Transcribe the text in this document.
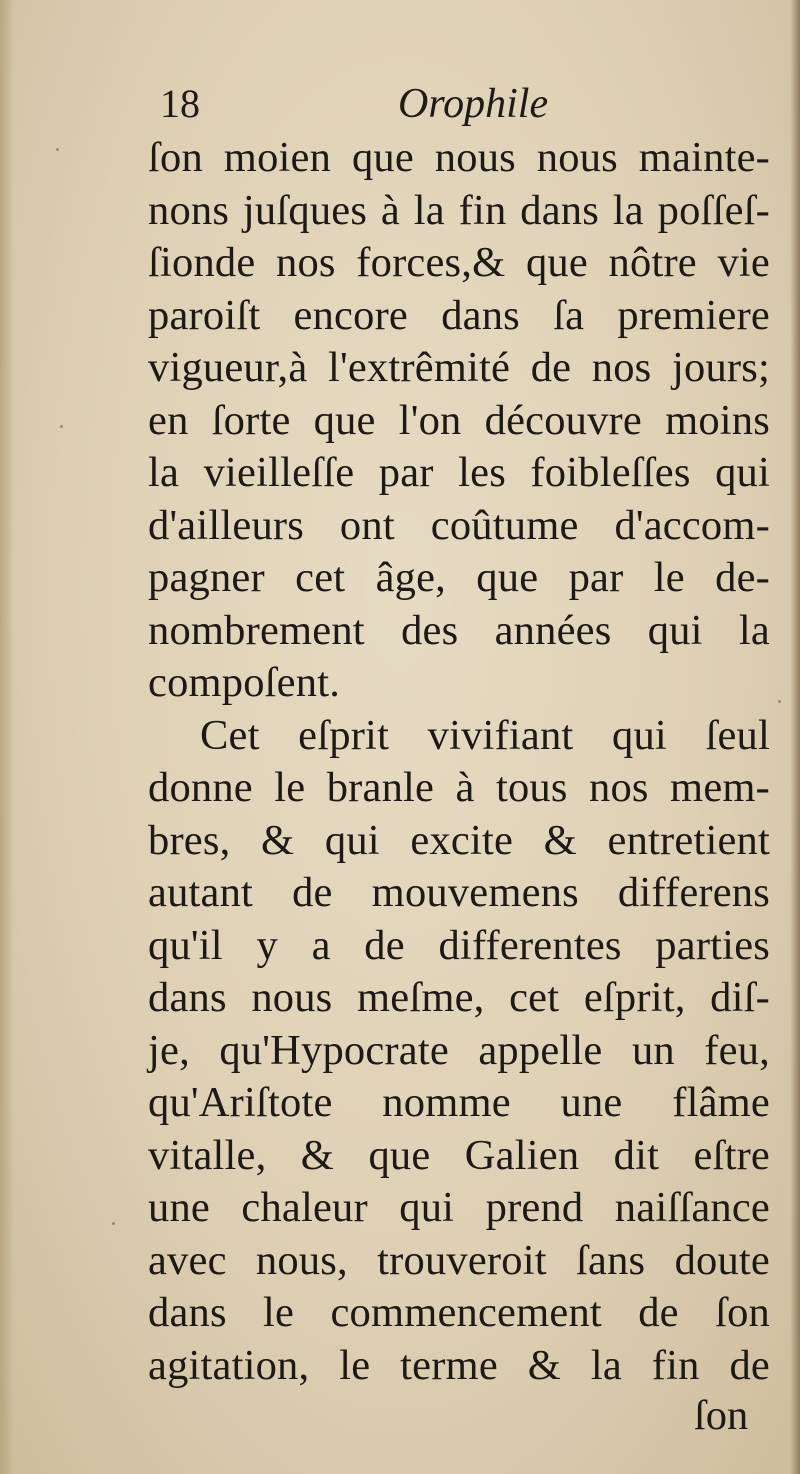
18	Orophile
ſon moien que nous nous mainte-
nons juſques à la fin dans la poſſeſ-
ſionde nos forces,& que nôtre vie
paroiſt encore dans ſa premiere
vigueur,à l'extrêmité de nos jours;
en ſorte que l'on découvre moins
la vieilleſſe par les foibleſſes qui
d'ailleurs ont coûtume d'accom-
pagner cet âge, que par le de-
nombrement des années qui la
compoſent.
Cet eſprit vivifiant qui ſeul
donne le branle à tous nos mem-
bres, & qui excite & entretient
autant de mouvemens differens
qu'il y a de differentes parties
dans nous meſme, cet eſprit, diſ-
je, qu'Hypocrate appelle un feu,
qu'Ariſtote nomme une flâme
vitalle, & que Galien dit eſtre
une chaleur qui prend naiſſance
avec nous, trouveroit ſans doute
dans le commencement de ſon
agitation, le terme & la fin de
ſon
